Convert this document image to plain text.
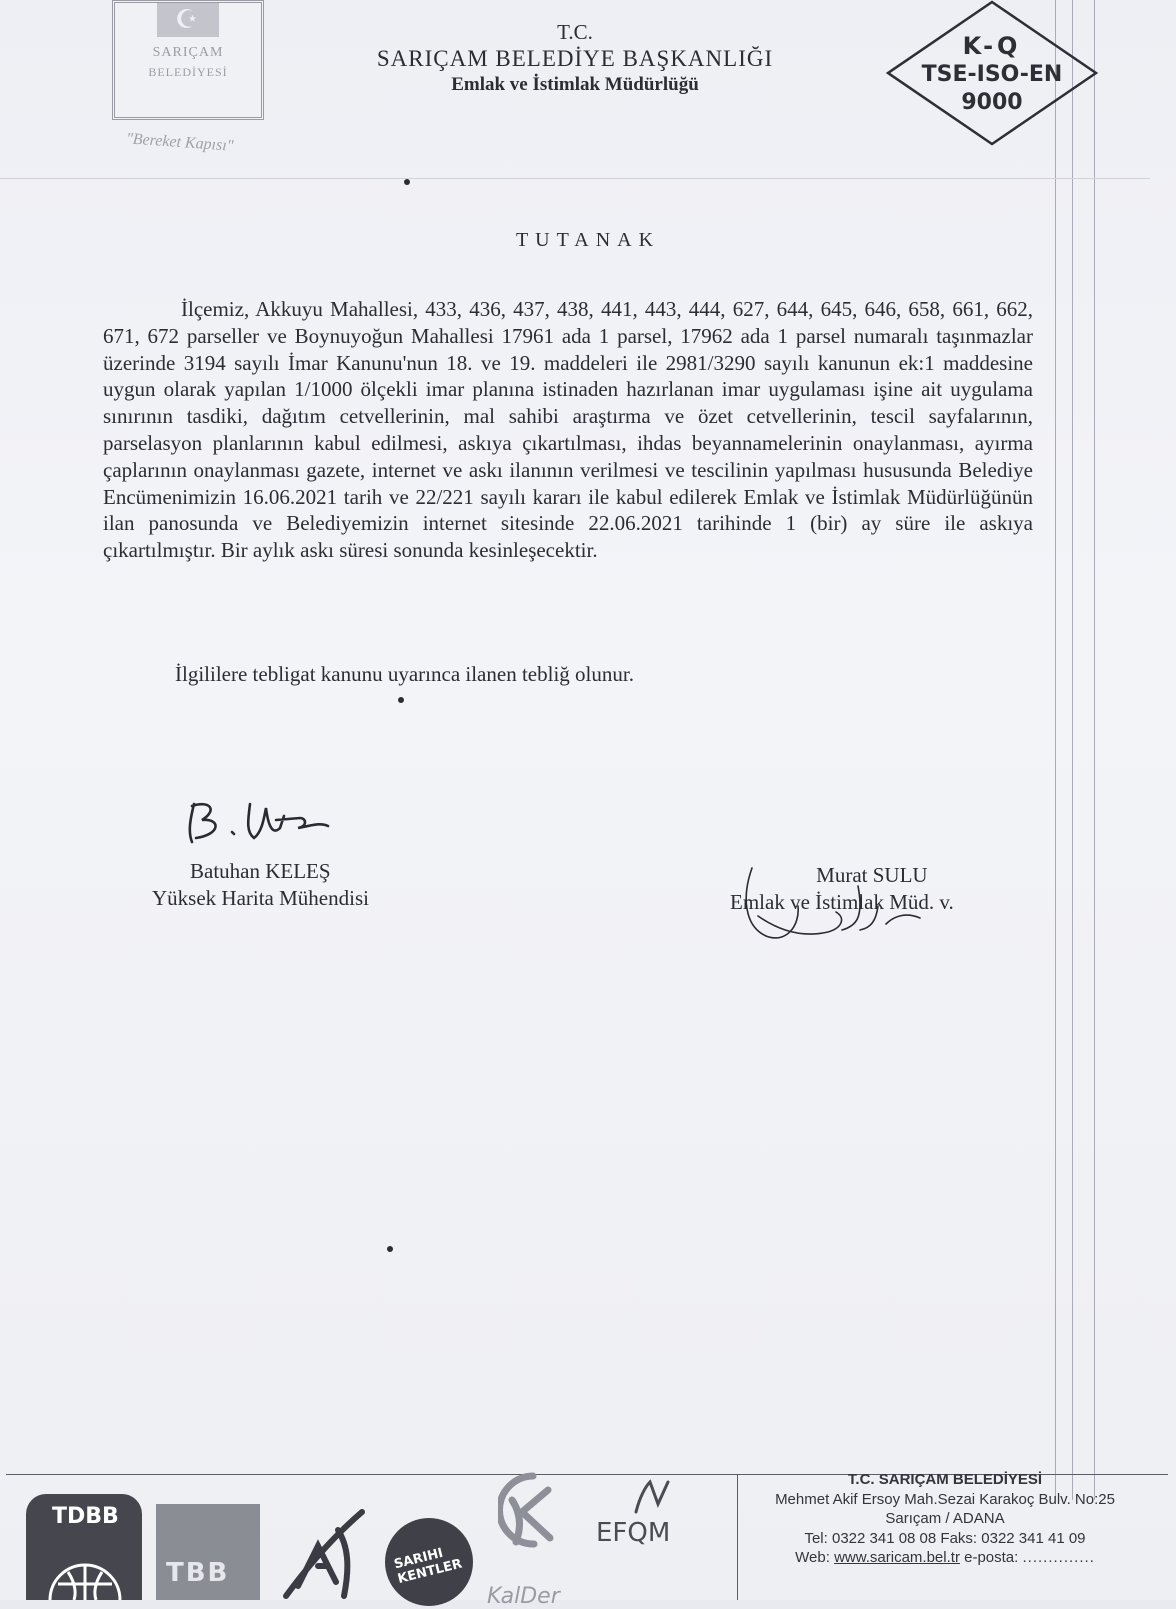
☪
SARIÇAM
BELEDİYESİ
"Bereket Kapısı"
T.C.
SARIÇAM BELEDİYE BAŞKANLIĞI
Emlak ve İstimlak Müdürlüğü
K-Q
TSE-ISO-EN
9000
TUTANAK
İlçemiz, Akkuyu Mahallesi, 433, 436, 437, 438, 441, 443, 444, 627, 644, 645, 646, 658, 661, 662, 671, 672 parseller ve Boynuyoğun Mahallesi 17961 ada 1 parsel, 17962 ada 1 parsel numaralı taşınmazlar üzerinde 3194 sayılı İmar Kanunu'nun 18. ve 19. maddeleri ile 2981/3290 sayılı kanunun ek:1 maddesine uygun olarak yapılan 1/1000 ölçekli imar planına istinaden hazırlanan imar uygulaması işine ait uygulama sınırının tasdiki, dağıtım cetvellerinin, mal sahibi araştırma ve özet cetvellerinin, tescil sayfalarının, parselasyon planlarının kabul edilmesi, askıya çıkartılması, ihdas beyannamelerinin onaylanması, ayırma çaplarının onaylanması gazete, internet ve askı ilanının verilmesi ve tescilinin yapılması hususunda Belediye Encümenimizin 16.06.2021 tarih ve 22/221 sayılı kararı ile kabul edilerek Emlak ve İstimlak Müdürlüğünün ilan panosunda ve Belediyemizin internet sitesinde 22.06.2021 tarihinde 1 (bir) ay süre ile askıya çıkartılmıştır. Bir aylık askı süresi sonunda kesinleşecektir.
İlgililere tebligat kanunu uyarınca ilanen tebliğ olunur.
Batuhan KELEŞ
Yüksek Harita Mühendisi
Murat SULU
Emlak ve İstimlak Müd. v.
TDBB
TBB	SARIHI KENTLER
KalDer
EFQM
T.C. SARIÇAM BELEDİYESİ
Mehmet Akif Ersoy Mah.Sezai Karakoç Bulv. No:25
Sarıçam / ADANA
Tel: 0322 341 08 08 Faks: 0322 341 41 09
Web: www.saricam.bel.tr e-posta: ..............
